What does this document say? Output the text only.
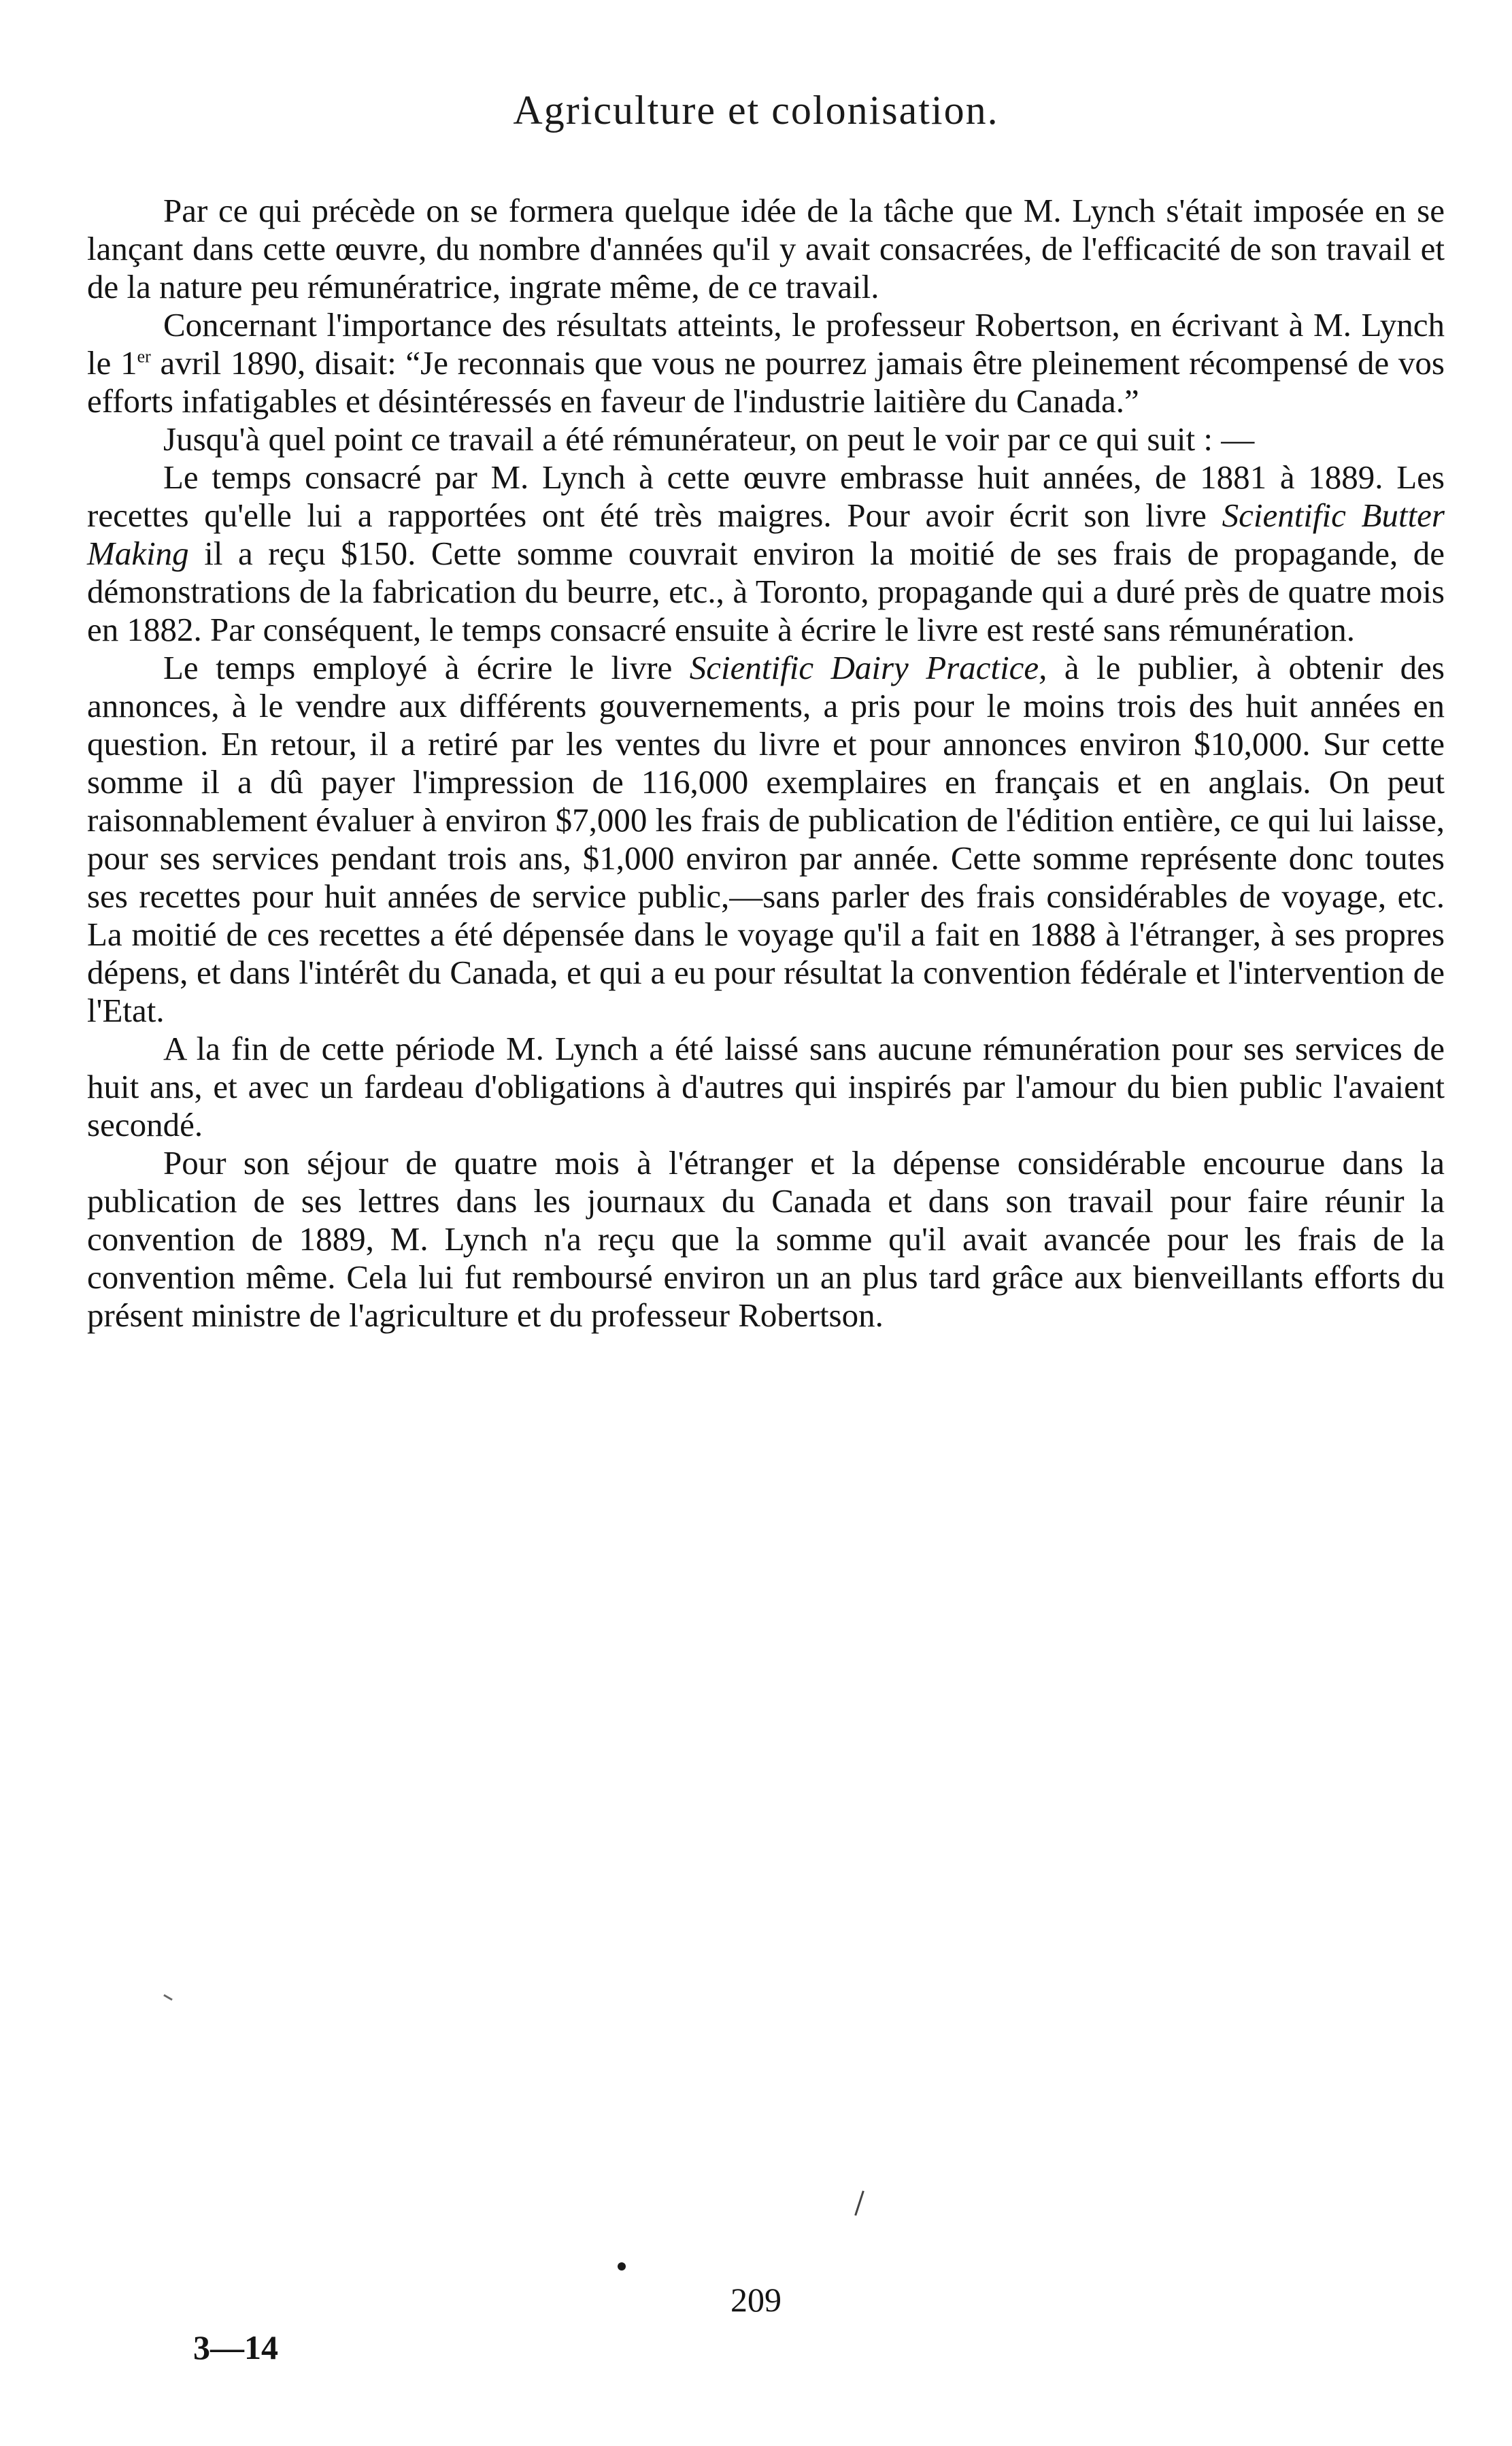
Agriculture et colonisation.

Par ce qui précède on se formera quelque idée de la tâche que M. Lynch s'était imposée en se lançant dans cette œuvre, du nombre d'années qu'il y avait consacrées, de l'efficacité de son travail et de la nature peu rémunératrice, ingrate même, de ce travail.

Concernant l'importance des résultats atteints, le professeur Robertson, en écrivant à M. Lynch le 1er avril 1890, disait: “Je reconnais que vous ne pourrez jamais être pleinement récompensé de vos efforts infatigables et désintéressés en faveur de l'industrie laitière du Canada.”

Jusqu'à quel point ce travail a été rémunérateur, on peut le voir par ce qui suit : —

Le temps consacré par M. Lynch à cette œuvre embrasse huit années, de 1881 à 1889. Les recettes qu'elle lui a rapportées ont été très maigres. Pour avoir écrit son livre Scientific Butter Making il a reçu $150. Cette somme couvrait environ la moitié de ses frais de propagande, de démonstrations de la fabrication du beurre, etc., à Toronto, propagande qui a duré près de quatre mois en 1882. Par conséquent, le temps consacré ensuite à écrire le livre est resté sans rémunération.

Le temps employé à écrire le livre Scientific Dairy Practice, à le publier, à obtenir des annonces, à le vendre aux différents gouvernements, a pris pour le moins trois des huit années en question. En retour, il a retiré par les ventes du livre et pour annonces environ $10,000. Sur cette somme il a dû payer l'impression de 116,000 exemplaires en français et en anglais. On peut raisonnablement évaluer à environ $7,000 les frais de publication de l'édition entière, ce qui lui laisse, pour ses services pendant trois ans, $1,000 environ par année. Cette somme représente donc toutes ses recettes pour huit années de service public,—sans parler des frais considérables de voyage, etc. La moitié de ces recettes a été dépensée dans le voyage qu'il a fait en 1888 à l'étranger, à ses propres dépens, et dans l'intérêt du Canada, et qui a eu pour résultat la convention fédérale et l'intervention de l'Etat.

A la fin de cette période M. Lynch a été laissé sans aucune rémunération pour ses services de huit ans, et avec un fardeau d'obligations à d'autres qui inspirés par l'amour du bien public l'avaient secondé.

Pour son séjour de quatre mois à l'étranger et la dépense considérable encourue dans la publication de ses lettres dans les journaux du Canada et dans son travail pour faire réunir la convention de 1889, M. Lynch n'a reçu que la somme qu'il avait avancée pour les frais de la convention même. Cela lui fut remboursé environ un an plus tard grâce aux bienveillants efforts du présent ministre de l'agriculture et du professeur Robertson.

209
3—14
